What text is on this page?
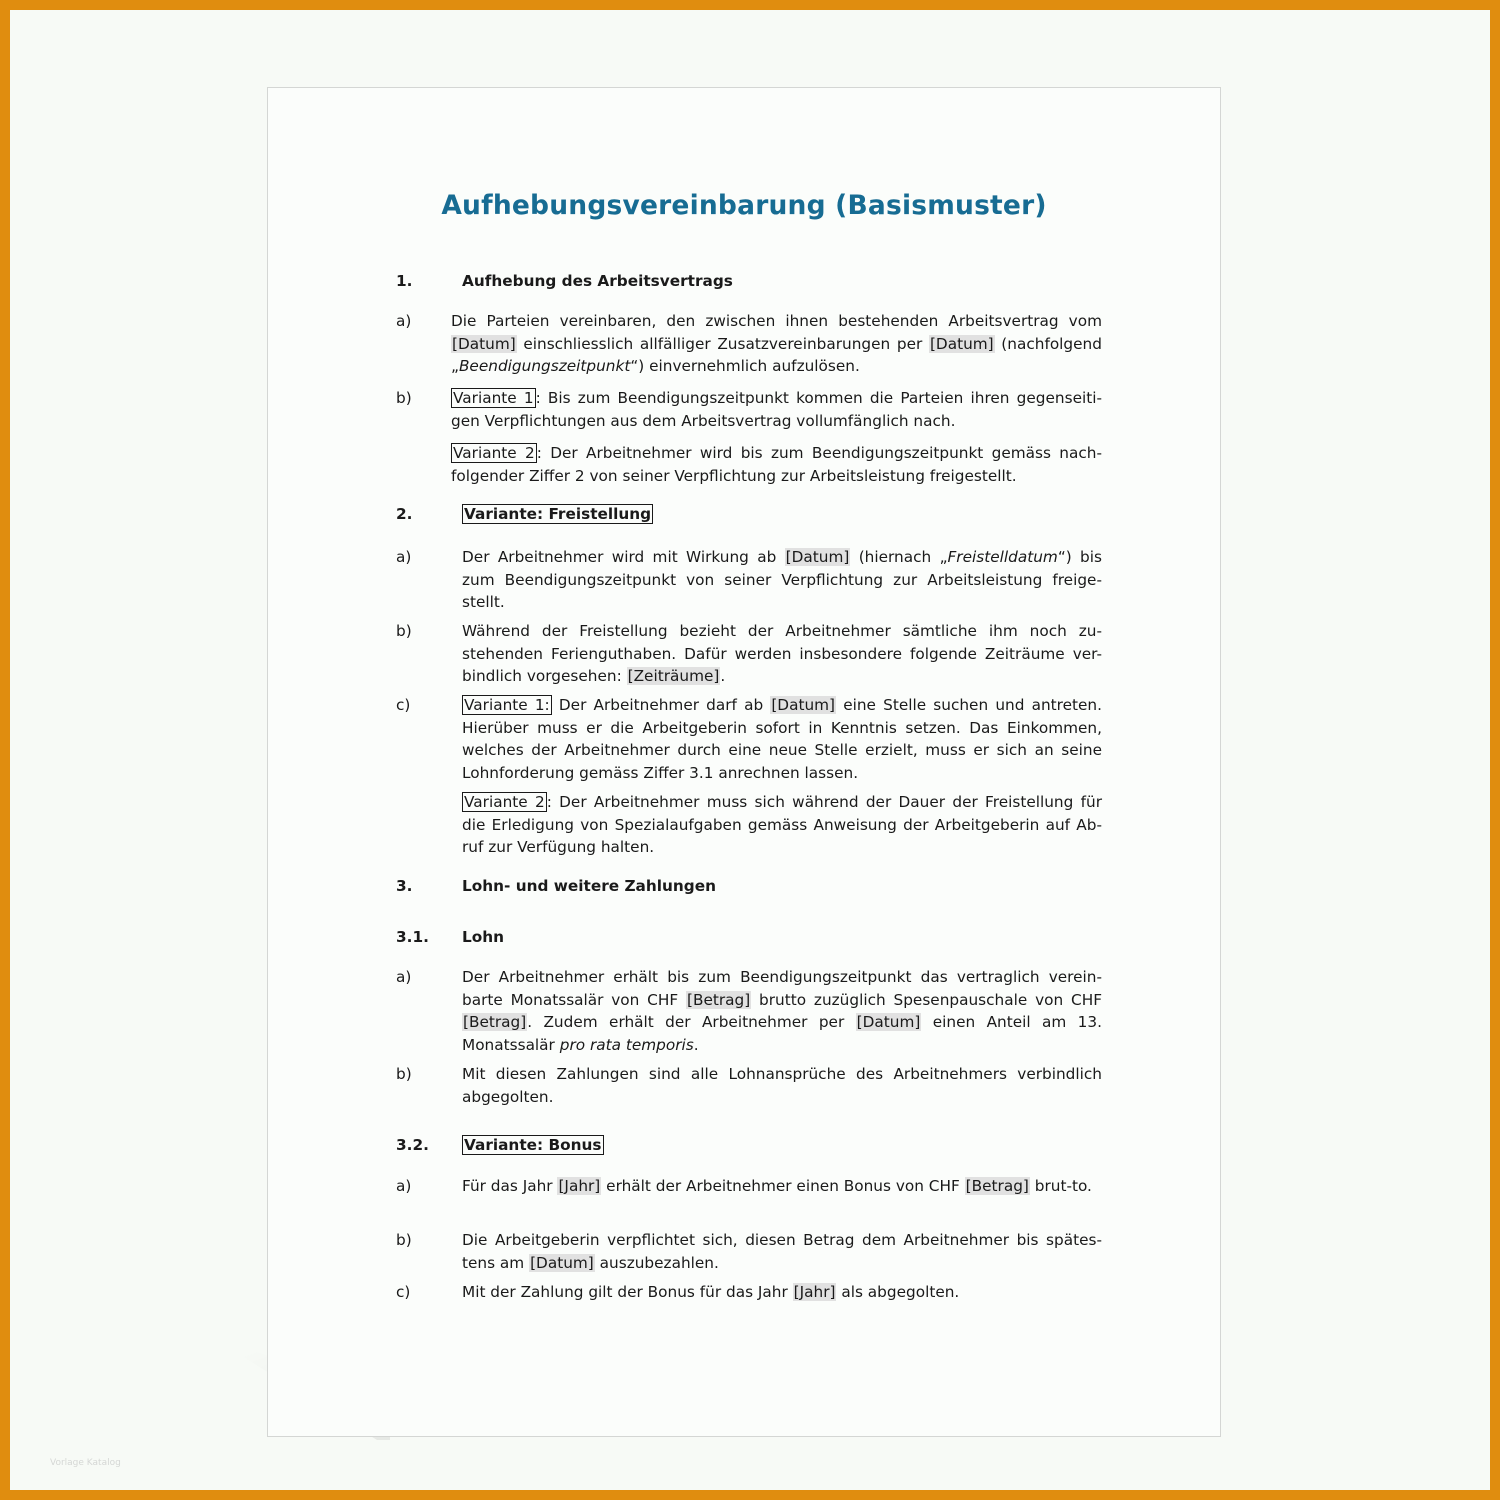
Vorlage Katalog
Aufhebungsvereinbarung (Basismuster)
1.	Aufhebung des Arbeitsvertrags
a)	Die Parteien vereinbaren, den zwischen ihnen bestehenden Arbeitsvertrag vom [Datum] einschliesslich allfälliger Zusatzvereinbarungen per [Datum] (nachfolgend „Beendigungszeitpunkt“) einvernehmlich aufzulösen.
b)	Variante 1 : Bis zum Beendigungszeitpunkt kommen die Parteien ihren gegenseiti-gen Verpflichtungen aus dem Arbeitsvertrag vollumfänglich nach.
Variante 2 : Der Arbeitnehmer wird bis zum Beendigungszeitpunkt gemäss nach-folgender Ziffer 2 von seiner Verpflichtung zur Arbeitsleistung freigestellt.
2.	Variante: Freistellung
a)	Der Arbeitnehmer wird mit Wirkung ab [Datum] (hiernach „Freistelldatum“) bis zum Beendigungszeitpunkt von seiner Verpflichtung zur Arbeitsleistung freige-stellt.
b)	Während der Freistellung bezieht der Arbeitnehmer sämtliche ihm noch zu-stehenden Ferienguthaben. Dafür werden insbesondere folgende Zeiträume ver-bindlich vorgesehen: [Zeiträume].
c)	Variante 1: Der Arbeitnehmer darf ab [Datum] eine Stelle suchen und antreten. Hierüber muss er die Arbeitgeberin sofort in Kenntnis setzen. Das Einkommen, welches der Arbeitnehmer durch eine neue Stelle erzielt, muss er sich an seine Lohnforderung gemäss Ziffer 3.1 anrechnen lassen.
Variante 2 : Der Arbeitnehmer muss sich während der Dauer der Freistellung für die Erledigung von Spezialaufgaben gemäss Anweisung der Arbeitgeberin auf Ab-ruf zur Verfügung halten.
3.	Lohn- und weitere Zahlungen
3.1. Lohn
a)	Der Arbeitnehmer erhält bis zum Beendigungszeitpunkt das vertraglich verein-barte Monatssalär von CHF [Betrag] brutto zuzüglich Spesenpauschale von CHF [Betrag]. Zudem erhält der Arbeitnehmer per [Datum] einen Anteil am 13. Monatssalär pro rata temporis.
b)	Mit diesen Zahlungen sind alle Lohnansprüche des Arbeitnehmers verbindlich abgegolten.
3.2. Variante: Bonus
a)	Für das Jahr [Jahr] erhält der Arbeitnehmer einen Bonus von CHF [Betrag] brut-to.
b)	Die Arbeitgeberin verpflichtet sich, diesen Betrag dem Arbeitnehmer bis spätes-tens am [Datum] auszubezahlen.
c)	Mit der Zahlung gilt der Bonus für das Jahr [Jahr] als abgegolten.
